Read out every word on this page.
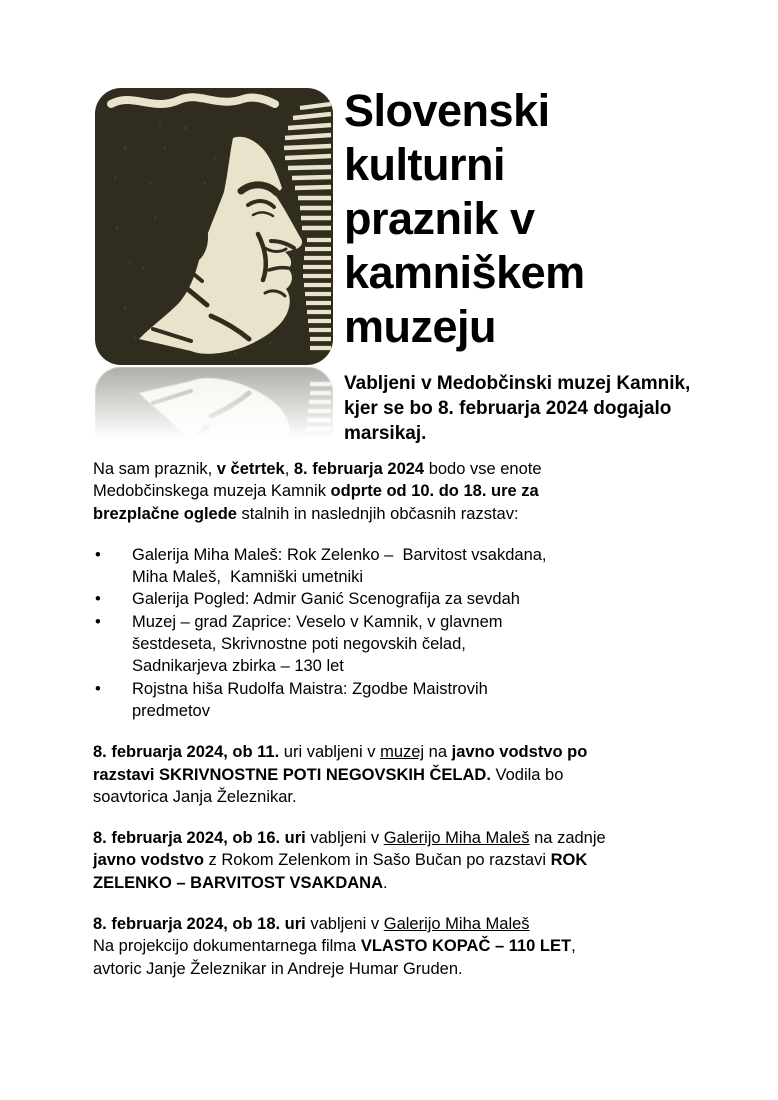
Slovenski
kulturni
praznik v
kamniškem
muzeju
Vabljeni v Medobčinski muzej Kamnik,
kjer se bo 8. februarja 2024 dogajalo
marsikaj.

Na sam praznik, v četrtek, 8. februarja 2024 bodo vse enote
Medobčinskega muzeja Kamnik odprte od 10. do 18. ure za
brezplačne oglede stalnih in naslednjih občasnih razstav:

• Galerija Miha Maleš: Rok Zelenko –  Barvitost vsakdana,
Miha Maleš,  Kamniški umetniki
• Galerija Pogled: Admir Ganić Scenografija za sevdah
• Muzej – grad Zaprice: Veselo v Kamnik, v glavnem
šestdeseta, Skrivnostne poti negovskih čelad,
Sadnikarjeva zbirka – 130 let
• Rojstna hiša Rudolfa Maistra: Zgodbe Maistrovih
predmetov

8. februarja 2024, ob 11. uri vabljeni v muzej na javno vodstvo po
razstavi SKRIVNOSTNE POTI NEGOVSKIH ČELAD. Vodila bo
soavtorica Janja Železnikar.

8. februarja 2024, ob 16. uri vabljeni v Galerijo Miha Maleš na zadnje
javno vodstvo z Rokom Zelenkom in Sašo Bučan po razstavi ROK
ZELENKO – BARVITOST VSAKDANA.

8. februarja 2024, ob 18. uri vabljeni v Galerijo Miha Maleš
Na projekcijo dokumentarnega filma VLASTO KOPAČ – 110 LET,
avtoric Janje Železnikar in Andreje Humar Gruden.
